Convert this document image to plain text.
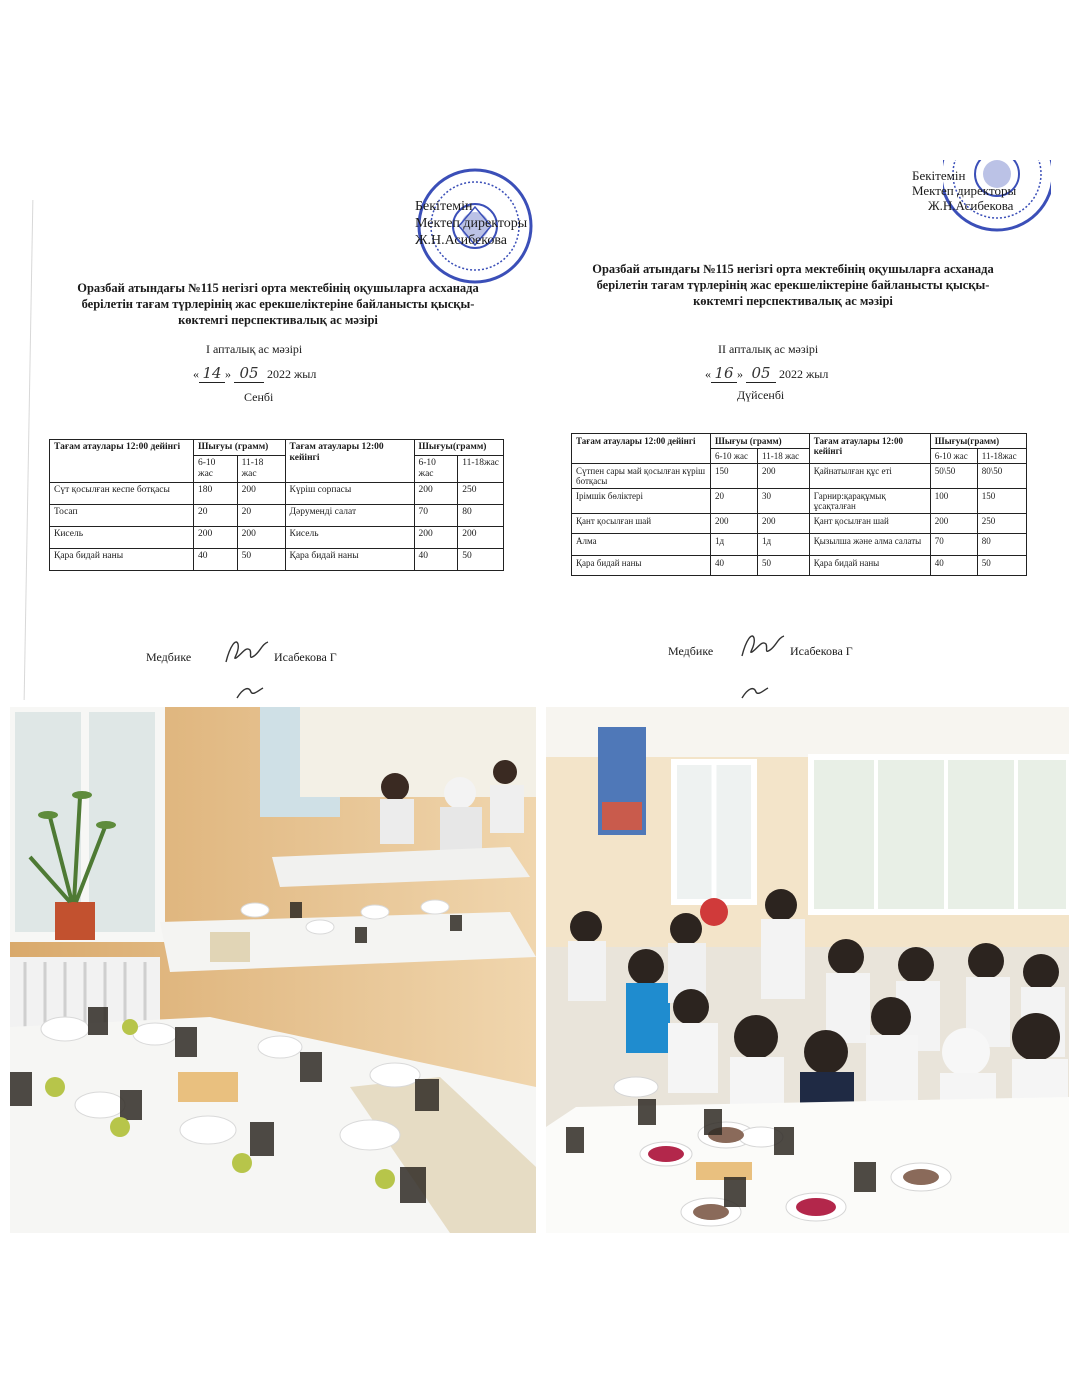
Бекітемін
Мектеп директоры
Ж.Н.Асибекова
Оразбай атындағы №115 негізгі орта мектебінің оқушыларға асханада берілетін тағам түрлерінің жас ерекшеліктеріне байланысты қысқы-көктемгі перспективалық ас мәзірі
I апталық ас мәзірі
« 14 » 05 2022 жыл
Сенбі
Тағам атаулары 12:00 дейінгі	Шығуы (грамм)		Тағам атаулары 12:00 кейінгі	Шығуы(грамм)	
	6-10 жас	11-18 жас		6-10 жас	11-18жас
Сүт қосылған кеспе ботқасы	180	200	Күріш сорпасы	200	250
Тосап	20	20	Дәрумендi салат	70	80
Кисель	200	200	Кисель	200	200
Қара бидай наны	40	50	Қара бидай наны	40	50
Медбике	Исабекова Г
Бекітемін
Мектеп директоры
Ж.Н.Асибекова
Оразбай атындағы №115 негізгі орта мектебінің оқушыларға асханада берілетін тағам түрлерінің жас ерекшеліктеріне байланысты қысқы-көктемгі перспективалық ас мәзірі
II апталық ас мәзірі
« 16 » 05 2022 жыл
Дүйсенбі
Тағам атаулары 12:00 дейінгі	Шығуы (грамм)		Тағам атаулары 12:00 кейінгі	Шығуы(грамм)	
	6-10 жас	11-18 жас		6-10 жас	11-18жас
Сүтпен сары май қосылған күріш ботқасы	150	200	Қайнатылған құс еті	50\50	80\50
Ірімшік бөліктері	20	30	Гарнир:қарақұмық ұсақталған	100	150
Қант қосылған шай	200	200	Қант қосылған шай	200	250
Алма	1д	1д	Қызылша және алма салаты	70	80
Қара бидай наны	40	50	Қара бидай наны	40	50
Медбике	Исабекова Г
